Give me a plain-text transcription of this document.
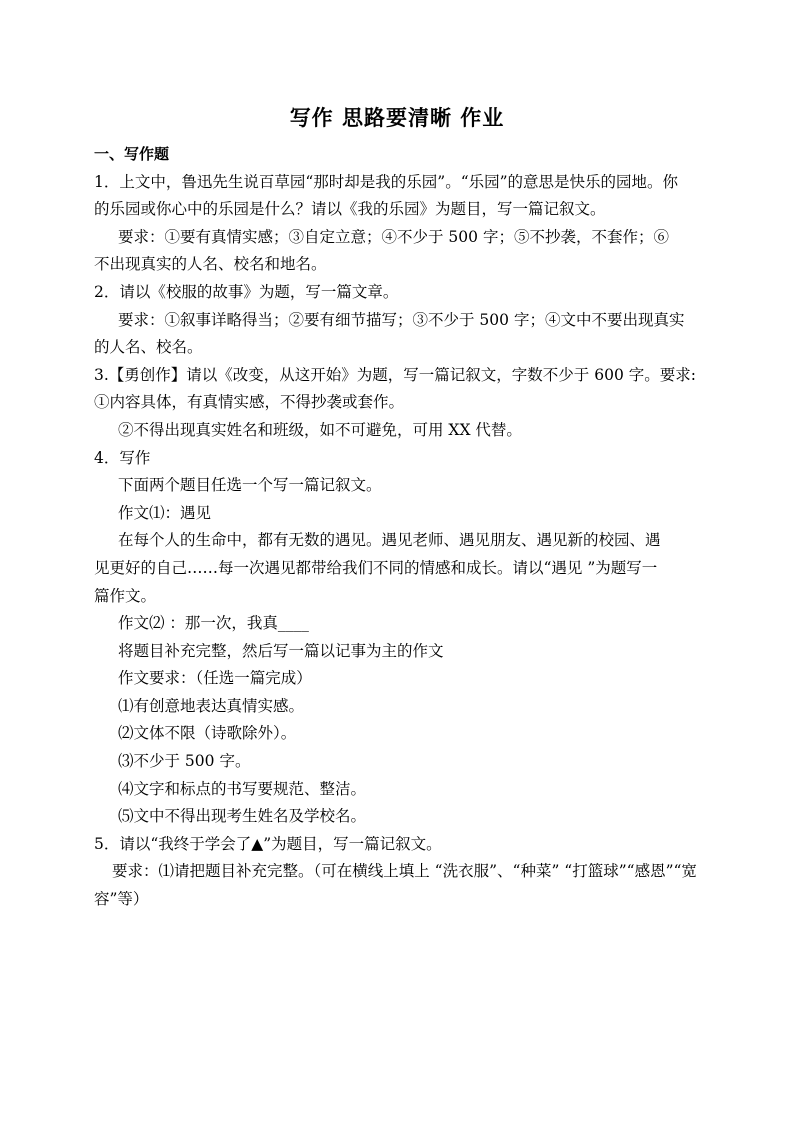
写作 思路要清晰 作业
一、写作题
1．上文中，鲁迅先生说百草园“那时却是我的乐园”。“乐园”的意思是快乐的园地。你
的乐园或你心中的乐园是什么？请以《我的乐园》为题目，写一篇记叙文。
要求：①要有真情实感；③自定立意；④不少于 500 字；⑤不抄袭，不套作；⑥
不出现真实的人名、校名和地名。
2．请以《校服的故事》为题，写一篇文章。
要求：①叙事详略得当；②要有细节描写；③不少于 500 字；④文中不要出现真实
的人名、校名。
3.【勇创作】请以《改变，从这开始》为题，写一篇记叙文，字数不少于 600 字。要求:
①内容具体，有真情实感，不得抄袭或套作。
②不得出现真实姓名和班级，如不可避免，可用 XX 代替。
4．写作
下面两个题目任选一个写一篇记叙文。
作文⑴：遇见
在每个人的生命中，都有无数的遇见。遇见老师、遇见朋友、遇见新的校园、遇
见更好的自己……每一次遇见都带给我们不同的情感和成长。请以“遇见 ”为题写一
篇作文。
作文⑵ ：那一次，我真____
将题目补充完整，然后写一篇以记事为主的作文
作文要求：（任选一篇完成）
⑴有创意地表达真情实感。
⑵文体不限（诗歌除外）。
⑶不少于 500 字。
⑷文字和标点的书写要规范、整洁。
⑸文中不得出现考生姓名及学校名。
5．请以“我终于学会了▲”为题目，写一篇记叙文。
要求：⑴请把题目补充完整。（可在横线上填上 “洗衣服”、“种菜” “打篮球”“感恩”“宽
容”等）
